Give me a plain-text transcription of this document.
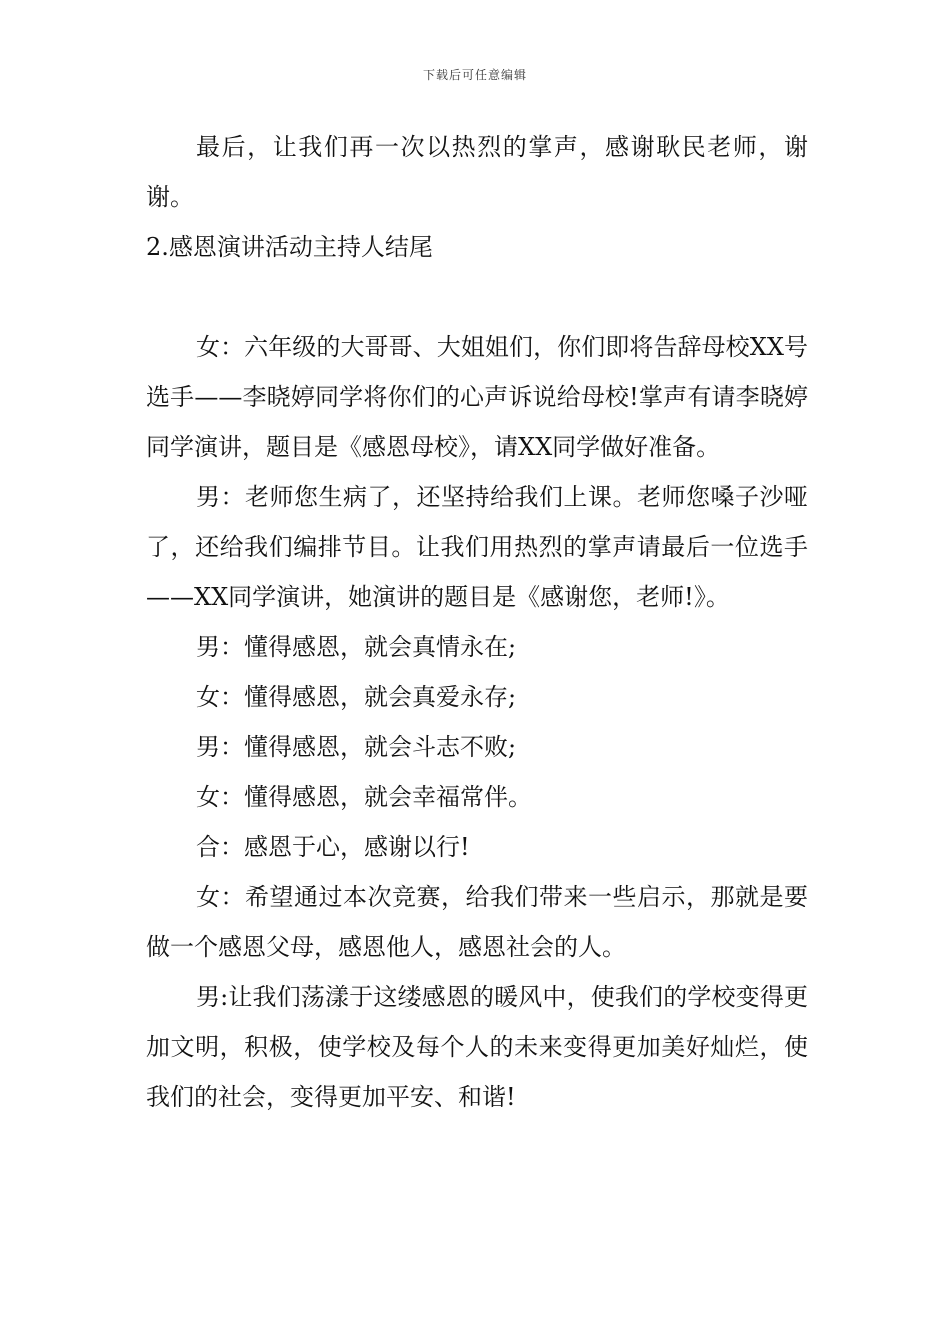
下载后可任意编辑

最后，让我们再一次以热烈的掌声，感谢耿民老师，谢谢。

2.感恩演讲活动主持人结尾

女：六年级的大哥哥、大姐姐们，你们即将告辞母校XX号选手——李晓婷同学将你们的心声诉说给母校!掌声有请李晓婷同学演讲，题目是《感恩母校》，请XX同学做好准备。

男：老师您生病了，还坚持给我们上课。老师您嗓子沙哑了，还给我们编排节目。让我们用热烈的掌声请最后一位选手——XX同学演讲，她演讲的题目是《感谢您，老师!》。

男：懂得感恩，就会真情永在;

女：懂得感恩，就会真爱永存;

男：懂得感恩，就会斗志不败;

女：懂得感恩，就会幸福常伴。

合：感恩于心，感谢以行!

女：希望通过本次竞赛，给我们带来一些启示，那就是要做一个感恩父母，感恩他人，感恩社会的人。

男:让我们荡漾于这缕感恩的暖风中，使我们的学校变得更加文明，积极，使学校及每个人的未来变得更加美好灿烂，使我们的社会，变得更加平安、和谐!
